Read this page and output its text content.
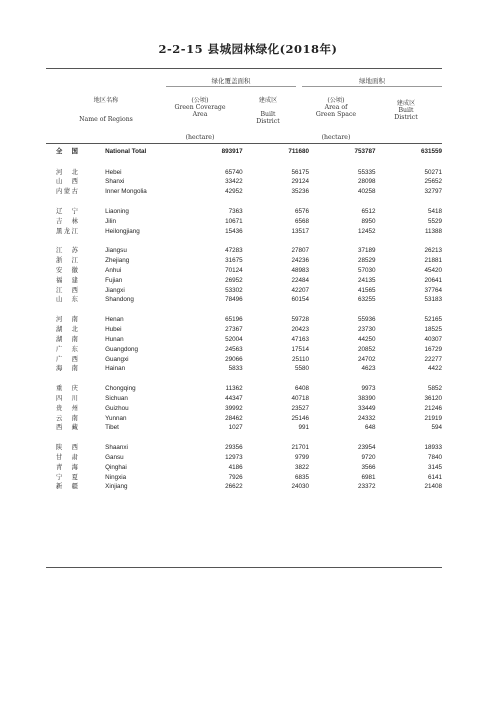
2-2-15 县城园林绿化(2018年)
绿化覆盖面积	绿地面积
地区名称
Name of Regions
(公顷)
Green Coverage
Area
(hectare)
建成区
Built
District
(公顷)
Area of
Green Space
(hectare)
建成区
Built
District
全　国	National Total	893917	711680	753787	631559

河　北	Hebei	65740	56175	55335	50271
山　西	Shanxi	33422	29124	28098	25652
内蒙古	Inner Mongolia	42952	35236	40258	32797

辽　宁	Liaoning	7363	6576	6512	5418
吉　林	Jilin	10671	6568	8950	5529
黑龙江	Heilongjiang	15436	13517	12452	11388

江　苏	Jiangsu	47283	27807	37189	26213
浙　江	Zhejiang	31675	24236	28529	21881
安　徽	Anhui	70124	48983	57030	45420
福　建	Fujian	26952	22484	24135	20641
江　西	Jiangxi	53302	42207	41565	37764
山　东	Shandong	78496	60154	63255	53183

河　南	Henan	65196	59728	55936	52165
湖　北	Hubei	27367	20423	23730	18525
湖　南	Hunan	52004	47163	44250	40307
广　东	Guangdong	24563	17514	20852	16729
广　西	Guangxi	29066	25110	24702	22277
海　南	Hainan	5833	5580	4623	4422

重　庆	Chongqing	11362	6408	9973	5852
四　川	Sichuan	44347	40718	38390	36120
贵　州	Guizhou	39992	23527	33449	21246
云　南	Yunnan	28462	25146	24332	21919
西　藏	Tibet	1027	991	648	594

陕　西	Shaanxi	29356	21701	23954	18933
甘　肃	Gansu	12973	9799	9720	7840
青　海	Qinghai	4186	3822	3566	3145
宁　夏	Ningxia	7926	6835	6981	6141
新　疆	Xinjiang	26622	24030	23372	21408
